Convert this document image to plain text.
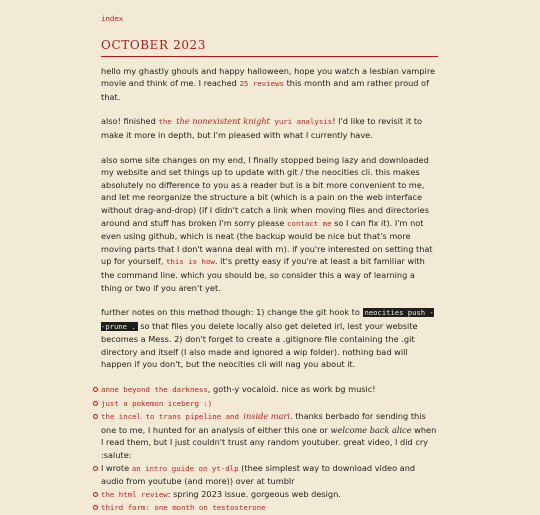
index
OCTOBER 2023

hello my ghastly ghouls and happy halloween, hope you watch a lesbian vampire movie and think of me. I reached 25 reviews this month and am rather proud of that.

also! finished the the nonexistent knight yuri analysis! I'd like to revisit it to make it more in depth, but I'm pleased with what I currently have.

also some site changes on my end, I finally stopped being lazy and downloaded my website and set things up to update with git / the neocities cli. this makes absolutely no difference to you as a reader but is a bit more convenient to me, and let me reorganize the structure a bit (which is a pain on the web interface without drag-and-drop) (if I didn't catch a link when moving files and directories around and stuff has broken I'm sorry please contact me so I can fix it). I'm not even using github, which is neat (the backup would be nice but that's more moving parts that I don't wanna deal with rn). if you're interested on setting that up for yourself, this is how. it's pretty easy if you're at least a bit familiar with the command line. which you should be, so consider this a way of learning a thing or two if you aren't yet.

further notes on this method though: 1) change the git hook to neocities push --prune . so that files you delete locally also get deleted irl, lest your website becomes a Mess. 2) don't forget to create a .gitignore file containing the .git directory and itself (I also made and ignored a wip folder). nothing bad will happen if you don't, but the neocities cli will nag you about it.

anne beyond the darkness, goth-y vocaloid. nice as work bg music!
just a pokemon iceberg :)
the incel to trans pipeline and inside mari. thanks berbado for sending this one to me, I hunted for an analysis of either this one or welcome back alice when I read them, but I just couldn't trust any random youtuber. great video, I did cry :salute:
I wrote an intro guide on yt-dlp (thee simplest way to download video and audio from youtube (and more)) over at tumblr
the html review: spring 2023 issue. gorgeous web design.
third form: one month on testosterone
